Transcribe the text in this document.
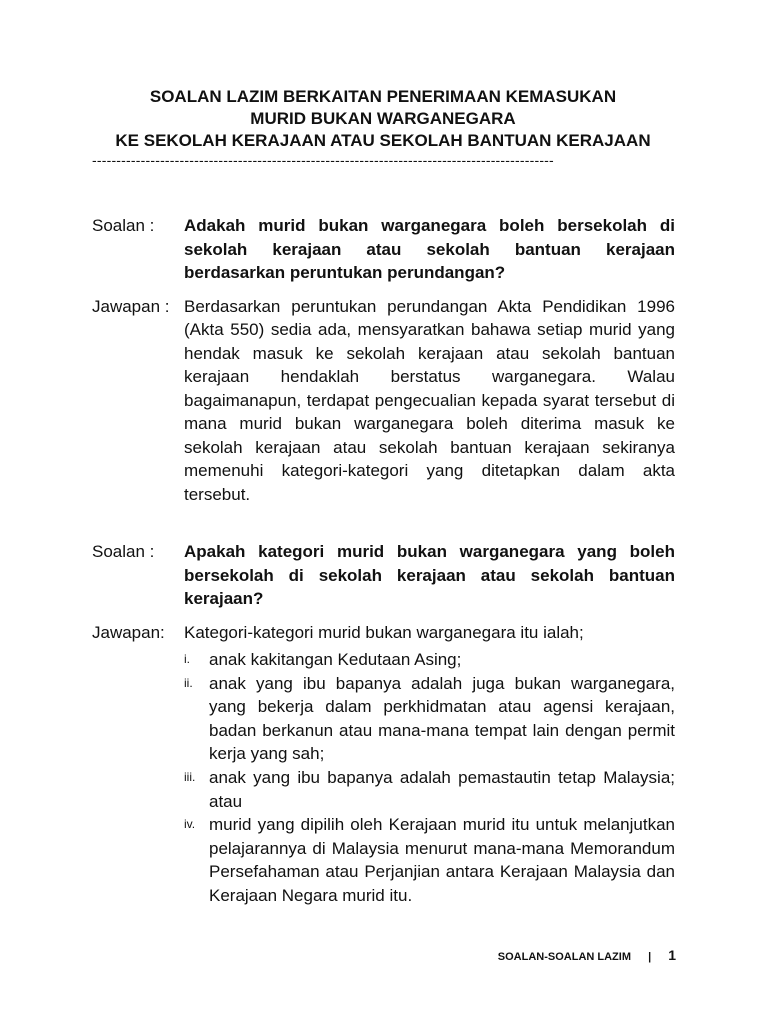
SOALAN LAZIM BERKAITAN PENERIMAAN KEMASUKAN
MURID BUKAN WARGANEGARA
KE SEKOLAH KERAJAAN ATAU SEKOLAH BANTUAN KERAJAAN
-----------------------------------------------------------------------------------------------
Soalan :	Adakah murid bukan warganegara boleh bersekolah di sekolah kerajaan atau sekolah bantuan kerajaan berdasarkan peruntukan perundangan?
Jawapan : Berdasarkan peruntukan perundangan Akta Pendidikan 1996 (Akta 550) sedia ada, mensyaratkan bahawa setiap murid yang hendak masuk ke sekolah kerajaan atau sekolah bantuan kerajaan hendaklah berstatus warganegara. Walau bagaimanapun, terdapat pengecualian kepada syarat tersebut di mana murid bukan warganegara boleh diterima masuk ke sekolah kerajaan atau sekolah bantuan kerajaan sekiranya memenuhi kategori-kategori yang ditetapkan dalam akta tersebut.
Soalan :	Apakah kategori murid bukan warganegara yang boleh bersekolah di sekolah kerajaan atau sekolah bantuan kerajaan?
Jawapan:	Kategori-kategori murid bukan warganegara itu ialah;
i.	anak kakitangan Kedutaan Asing;
ii. anak yang ibu bapanya adalah juga bukan warganegara, yang bekerja dalam perkhidmatan atau agensi kerajaan, badan berkanun atau mana-mana tempat lain dengan permit kerja yang sah;
iii. anak yang ibu bapanya adalah pemastautin tetap Malaysia; atau
iv. murid yang dipilih oleh Kerajaan murid itu untuk melanjutkan pelajarannya di Malaysia menurut mana-mana Memorandum Persefahaman atau Perjanjian antara Kerajaan Malaysia dan Kerajaan Negara murid itu.
SOALAN-SOALAN LAZIM | 1
